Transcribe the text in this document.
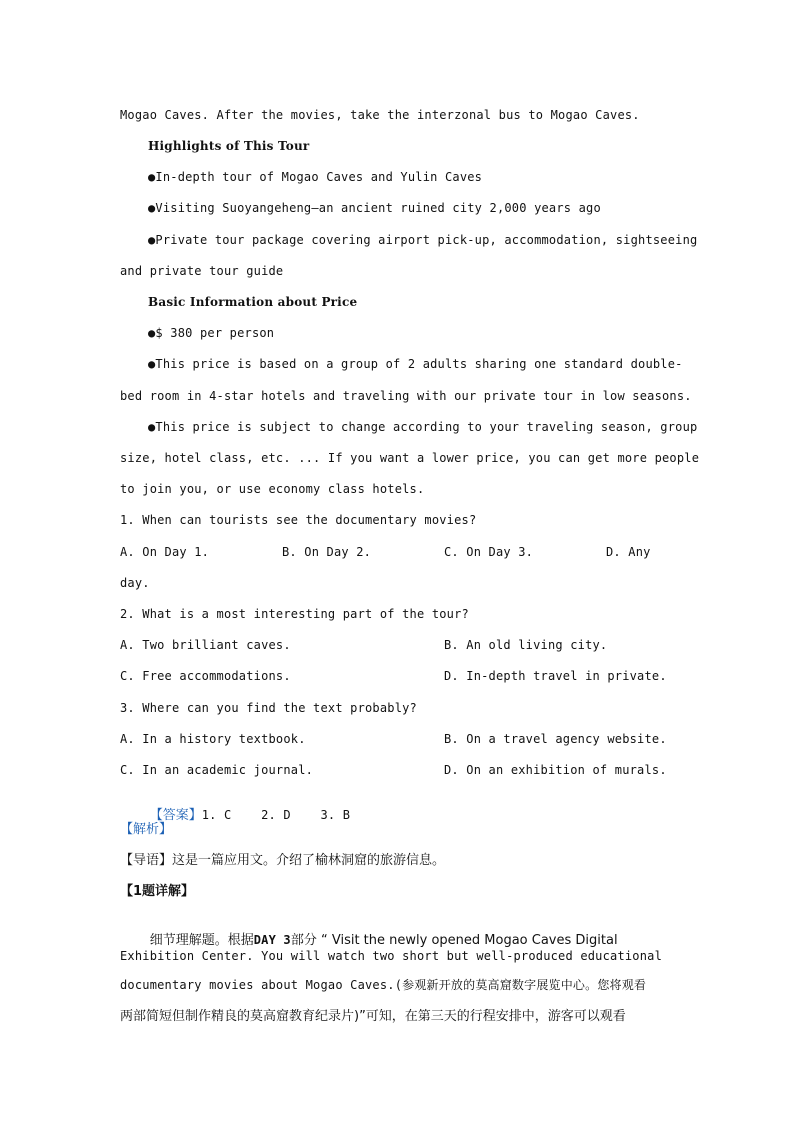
Mogao Caves. After the movies, take the interzonal bus to Mogao Caves.
Highlights of This Tour
●In-depth tour of Mogao Caves and Yulin Caves
●Visiting Suoyangeheng—an ancient ruined city 2,000 years ago
●Private tour package covering airport pick-up, accommodation, sightseeing
and private tour guide
Basic Information about Price
●$ 380 per person
●This price is based on a group of 2 adults sharing one standard double-
bed room in 4-star hotels and traveling with our private tour in low seasons.
●This price is subject to change according to your traveling season, group
size, hotel class, etc. ... If you want a lower price, you can get more people
to join you, or use economy class hotels.
1. When can tourists see the documentary movies?
A. On Day 1.	B. On Day 2.	C. On Day 3.	D. Any
day.
2. What is a most interesting part of the tour?
A. Two brilliant caves.	B. An old living city.
C. Free accommodations.	D. In-depth travel in private.
3. Where can you find the text probably?
A. In a history textbook.	B. On a travel agency website.
C. In an academic journal.	D. On an exhibition of murals.

【答案】1. C    2. D    3. B

【解析】
【导语】这是一篇应用文。介绍了榆林洞窟的旅游信息。
【1题详解】

细节理解题。根据DAY 3部分 “ Visit the newly opened Mogao Caves Digital

Exhibition Center. You will watch two short but well-produced educational
documentary movies about Mogao Caves.(参观新开放的莫高窟数字展览中心。您将观看
两部简短但制作精良的莫高窟教育纪录片)”可知，在第三天的行程安排中，游客可以观看
